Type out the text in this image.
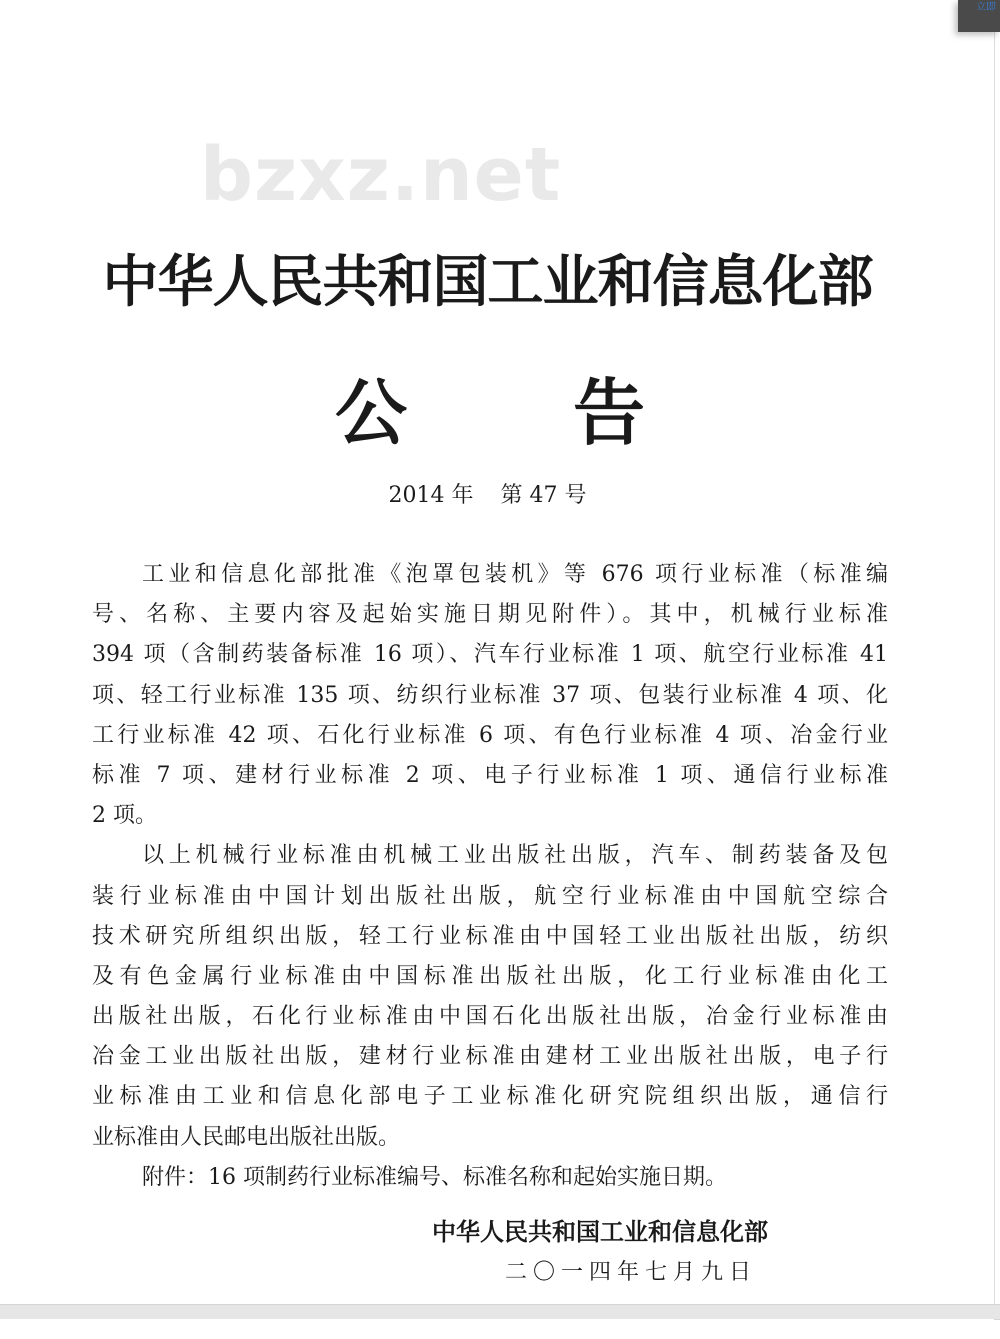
bzxz.net
中华人民共和国工业和信息化部
公 告
2014 年 第 47 号
工业和信息化部批准《泡罩包装机》等 676 项行业标准（标准编
号、名称、主要内容及起始实施日期见附件）。其中，机械行业标准
394 项（含制药装备标准 16 项）、汽车行业标准 1 项、航空行业标准 41
项、轻工行业标准 135 项、纺织行业标准 37 项、包装行业标准 4 项、化
工行业标准 42 项、石化行业标准 6 项、有色行业标准 4 项、冶金行业
标准 7 项、建材行业标准 2 项、电子行业标准 1 项、通信行业标准
2 项。
以上机械行业标准由机械工业出版社出版，汽车、制药装备及包
装行业标准由中国计划出版社出版，航空行业标准由中国航空综合
技术研究所组织出版，轻工行业标准由中国轻工业出版社出版，纺织
及有色金属行业标准由中国标准出版社出版，化工行业标准由化工
出版社出版，石化行业标准由中国石化出版社出版，冶金行业标准由
冶金工业出版社出版，建材行业标准由建材工业出版社出版，电子行
业标准由工业和信息化部电子工业标准化研究院组织出版，通信行
业标准由人民邮电出版社出版。
附件：16 项制药行业标准编号、标准名称和起始实施日期。
中华人民共和国工业和信息化部
二〇一四年七月九日
立即
